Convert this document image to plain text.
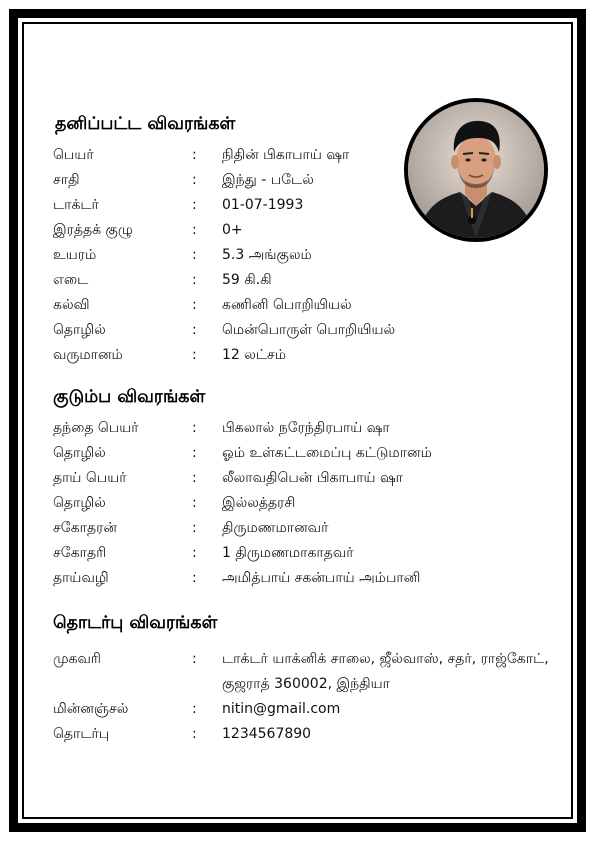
தனிப்பட்ட விவரங்கள்
பெயர்	: நிதின் பிகாபாய் ஷா
சாதி	: இந்து - படேல்
டாக்டர்	: 01-07-1993
இரத்தக் குழு	: 0+
உயரம்	: 5.3 அங்குலம்
எடை	: 59 கி.கி
கல்வி	: கணினி பொறியியல்
தொழில்	: மென்பொருள் பொறியியல்
வருமானம்	: 12 லட்சம்
குடும்ப விவரங்கள்
தந்தை பெயர்	: பிகலால் நரேந்திரபாய் ஷா
தொழில்	: ஓம் உள்கட்டமைப்பு கட்டுமானம்
தாய் பெயர்	: லீலாவதிபென் பிகாபாய் ஷா
தொழில்	: இல்லத்தரசி
சகோதரன்	: திருமணமானவர்
சகோதரி	: 1 திருமணமாகாதவர்
தாய்வழி	: அமித்பாய் சகன்பாய் அம்பானி
தொடர்பு விவரங்கள்
முகவரி	: டாக்டர் யாக்னிக் சாலை, ஜீல்வாஸ், சதர், ராஜ்கோட், குஜராத் 360002, இந்தியா
மின்னஞ்சல்	: nitin@gmail.com
தொடர்பு	: 1234567890
